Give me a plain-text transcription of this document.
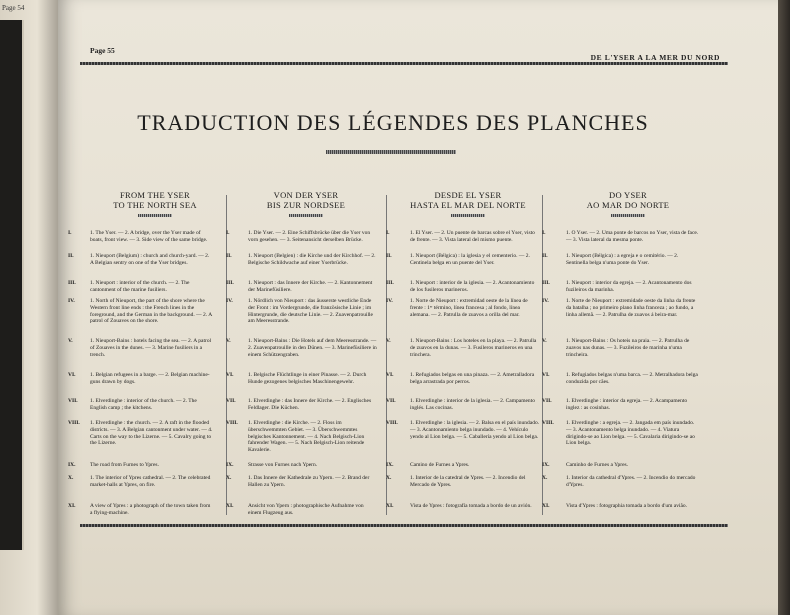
Page 54
Page 55
DE L'YSER A LA MER DU NORD
TRADUCTION DES LÉGENDES DES PLANCHES
FROM THE YSER
TO THE NORTH SEA
VON DER YSER
BIS ZUR NORDSEE
DESDE EL YSER
HASTA EL MAR DEL NORTE
DO YSER
AO MAR DO NORTE
I.	1. The Yser. — 2. A bridge, over the Yser made of boats, front view. — 3. Side view of the same bridge.
II.	1. Nieuport (Belgium) : church and church-yard. — 2. A Belgian sentry on one of the Yser bridges.
III.	1. Nieuport : interior of the church. — 2. The cantonment of the marine fusiliers.
IV.	1. North of Nieuport, the part of the shore where the Western front line ends : the French lines in the foreground, and the German in the background. — 2. A patrol of Zouaves on the shore.
V.	1. Nieuport-Bains : hotels facing the sea. — 2. A patrol of Zouaves in the dunes. — 3. Marine fusiliers in a trench.
VI.	1. Belgian refugees in a barge. — 2. Belgian machine-guns drawn by dogs.
VII. 1. Elverdinghe : interior of the church. — 2. The English camp ; the kitchens.
VIII. 1. Elverdinghe : the church. — 2. A raft in the flooded districts. — 3. A Belgian cantonment under water. — 4. Carts on the way to the Lizerne. — 5. Cavalry going to the Lizerne.
IX.	The road from Furnes to Ypres.
X.	1. The interior of Ypres cathedral. — 2. The celebrated market-halls at Ypres, on fire.
XI.	A view of Ypres : a photograph of the town taken from a flying-machine.
I.	1. Die Yser. — 2. Eine Schiffsbrücke über die Yser von vorn gesehen. — 3. Seitenansicht derselben Brücke.
II.	1. Nieuport (Belgien) : die Kirche und der Kirchhof. — 2. Belgische Schildwache auf einer Yserbrücke.
III.	1. Nieuport : das Innere der Kirche. — 2. Kantonnement der Marinefüsiliere.
IV.	1. Nördlich von Nieuport : das äusserste westliche Ende der Front : im Vordergrunde, die französische Linie ; im Hintergrunde, die deutsche Linie. — 2. Zuavenpatrouille am Meeresstrande.
V.	1. Nieuport-Bains : Die Hotels auf dem Meeresstrande. — 2. Zuavenpatrouille in den Dünen. — 3. Marinefüsiliere in einem Schützengraben.
VI.	1. Belgische Flüchtlinge in einer Pinasse. — 2. Durch Hunde gezogenes belgisches Maschinengewehr.
VII. 1. Elverdinghe : das Innere der Kirche. — 2. Englisches Feldlager. Die Küchen.
VIII. 1. Elverdinghe : die Kirche. — 2. Floss im überschwemmten Gebiet. — 3. Überschwemmtes belgisches Kantonnement. — 4. Nach Belgisch-Lion fahrender Wagen. — 5. Nach Belgisch-Lion reitende Kavalerie.
IX.	Strasse von Furnes nach Ypern.
X.	1. Das Innere der Kathedrale zu Ypern. — 2. Brand der Hallen zu Ypern.
XI.	Ansicht von Ypern : photographische Aufnahme von einem Flugzeug aus.
I.	1. El Yser. — 2. Un puente de barcas sobre el Yser, visto de frente. — 3. Vista lateral del mismo puente.
II.	1. Nieuport (Bélgica) : la iglesia y el cementerio. — 2. Centinela belga en un puente del Yser.
III.	1. Nieuport : interior de la iglesia. — 2. Acantonamiento de los fusileros marineros.
IV.	1. Norte de Nieuport : extremidad oeste de la línea de frente : 1ᵉʳ término, línea francesa ; al fondo, línea alemana. — 2. Patrulla de zuavos a orilla del mar.
V.	1. Nieuport-Bains : Los hoteles en la playa. — 2. Patrulla de zuavos en la dunas. — 3. Fusileros marineros en una trinchera.
VI.	1. Refugiados belgas en una pinaza. — 2. Ametralladora belga arrastrada por perros.
VII.	1. Elverdinghe : interior de la iglesia. — 2. Campamento inglés. Las cocinas.
VIII. 1. Elverdinghe : la iglesia. — 2. Balsa en el país inundado. — 3. Acantonamiento belga inundado. — 4. Vehículo yendo al Lion belga. — 5. Caballería yendo al Lion belga.
IX.	Camino de Furnes a Ypres.
X.	1. Interior de la catedral de Ypres. — 2. Incendio del Mercado de Ypres.
XI.	Vista de Ypres : fotografía tomada a bordo de un avión.
I.	1. O Yser. — 2. Uma ponte de barcos no Yser, vista de face. — 3. Vista lateral da mesma ponte.
II.	1. Nieuport (Bélgica) : a egreja e o cemitério. — 2. Sentinella belga n'uma ponte do Yser.
III.	1. Nieuport : interior da egreja. — 2. Acantonamento dos fuzileiros da marinha.
IV.	1. Norte de Nieuport : extremidade oeste da linha da frente da batalha ; no primeiro plano linha franceza ; ao fundo, a linha allemã. — 2. Patrulha de zuavos á beira-mar.
V.	1. Nieuport-Bains : Os hoteis na praia. — 2. Patrulha de zuavos nas dunas. — 3. Fuzileiros de marinha n'uma trincheira.
VI.	1. Refugiados belgas n'uma barca. — 2. Metralhadora belga conduzida por cães.
VII.	1. Elverdinghe : interior da egreja. — 2. Acampamento inglez : as cosinhas.
VIII. 1. Elverdinghe : a egreja. — 2. Jangada em país inundado. — 3. Acantonamento belga inundado. — 4. Viatura dirigindo-se ao Lion belga. — 5. Cavalaria dirigindo-se ao Lion belga.
IX.	Caminho de Furnes a Ypres.
X.	1. Interior da cathedral d'Ypres. — 2. Incendio do mercado d'Ypres.
XI.	Vista d'Ypres : fotographia tomada a bordo d'um avião.
